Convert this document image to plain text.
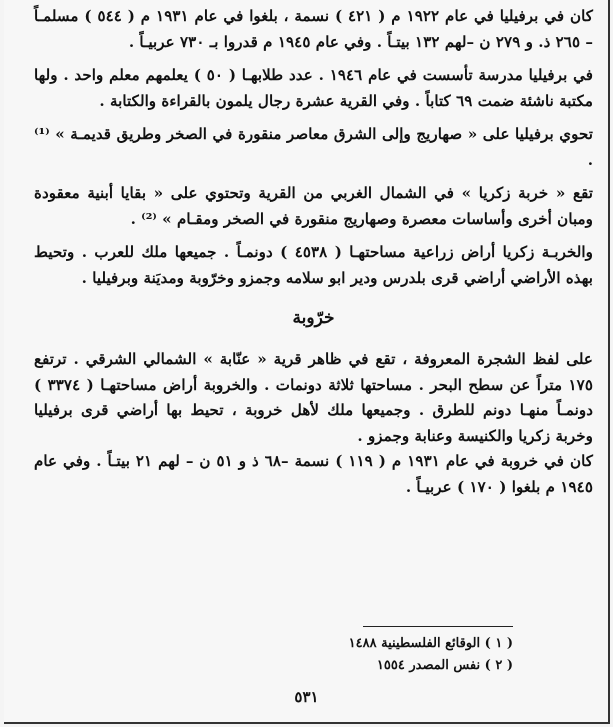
كان في برفيليا في عام ١٩٢٢ م ( ٤٢١ ) نسمة ، بلغوا في عام ١٩٣١ م ( ٥٤٤ ) مسلمـاً – ٢٦٥ ذ. و ٢٧٩ ن –لهم ١٣٢ بيتـاً . وفي عام ١٩٤٥ م قدروا بـ ٧٣٠ عربيـاً .

في برفيليا مدرسة تأسست في عام ١٩٤٦ . عدد طلابهـا ( ٥٠ ) يعلمهم معلم واحد . ولها مكتبة ناشئة ضمت ٦٩ كتاباً . وفي القرية عشرة رجال يلمون بالقراءة والكتابة .

تحوي برفيليا على « صهاريج وإلى الشرق معاصر منقورة في الصخر وطريق قديمـة » ⁽¹⁾ .

تقع « خربة زكريا » في الشمال الغربي من القرية وتحتوي على « بقايا أبنية معقودة ومبان أخرى وأساسات معصرة وصهاريج منقورة في الصخر ومقـام » ⁽²⁾ .

والخربـة زكريا أراض زراعية مساحتهـا ( ٤٥٣٨ ) دونمـاً . جميعها ملك للعرب . وتحيط بهذه الأراضي أراضي قرى بلدرس ودير ابو سلامه وجمزو وخرّوبة ومديَنة وبرفيليا .

خرّوبة

على لفظ الشجرة المعروفة ، تقع في ظاهر قرية « عنّابة » الشمالي الشرقي . ترتفع ١٧٥ متراً عن سطح البحر . مساحتها ثلاثة دونمات . والخروبة أراض مساحتهـا ( ٣٣٧٤ ) دونمـاً منهـا دونم للطرق . وجميعها ملك لأهل خروبة ، تحيط بها أراضي قرى برفيليا وخربة زكريا والكنيسة وعنابة وجمزو .

كان في خروبة في عام ١٩٣١ م ( ١١٩ ) نسمة –٦٨ ذ و ٥١ ن – لهم ٢١ بيتـاً . وفي عام ١٩٤٥ م بلغوا ( ١٧٠ ) عربيـاً .

( ١ ) الوقائع الفلسطينية ١٤٨٨

( ٢ ) نفس المصدر ١٥٥٤

٥٣١
